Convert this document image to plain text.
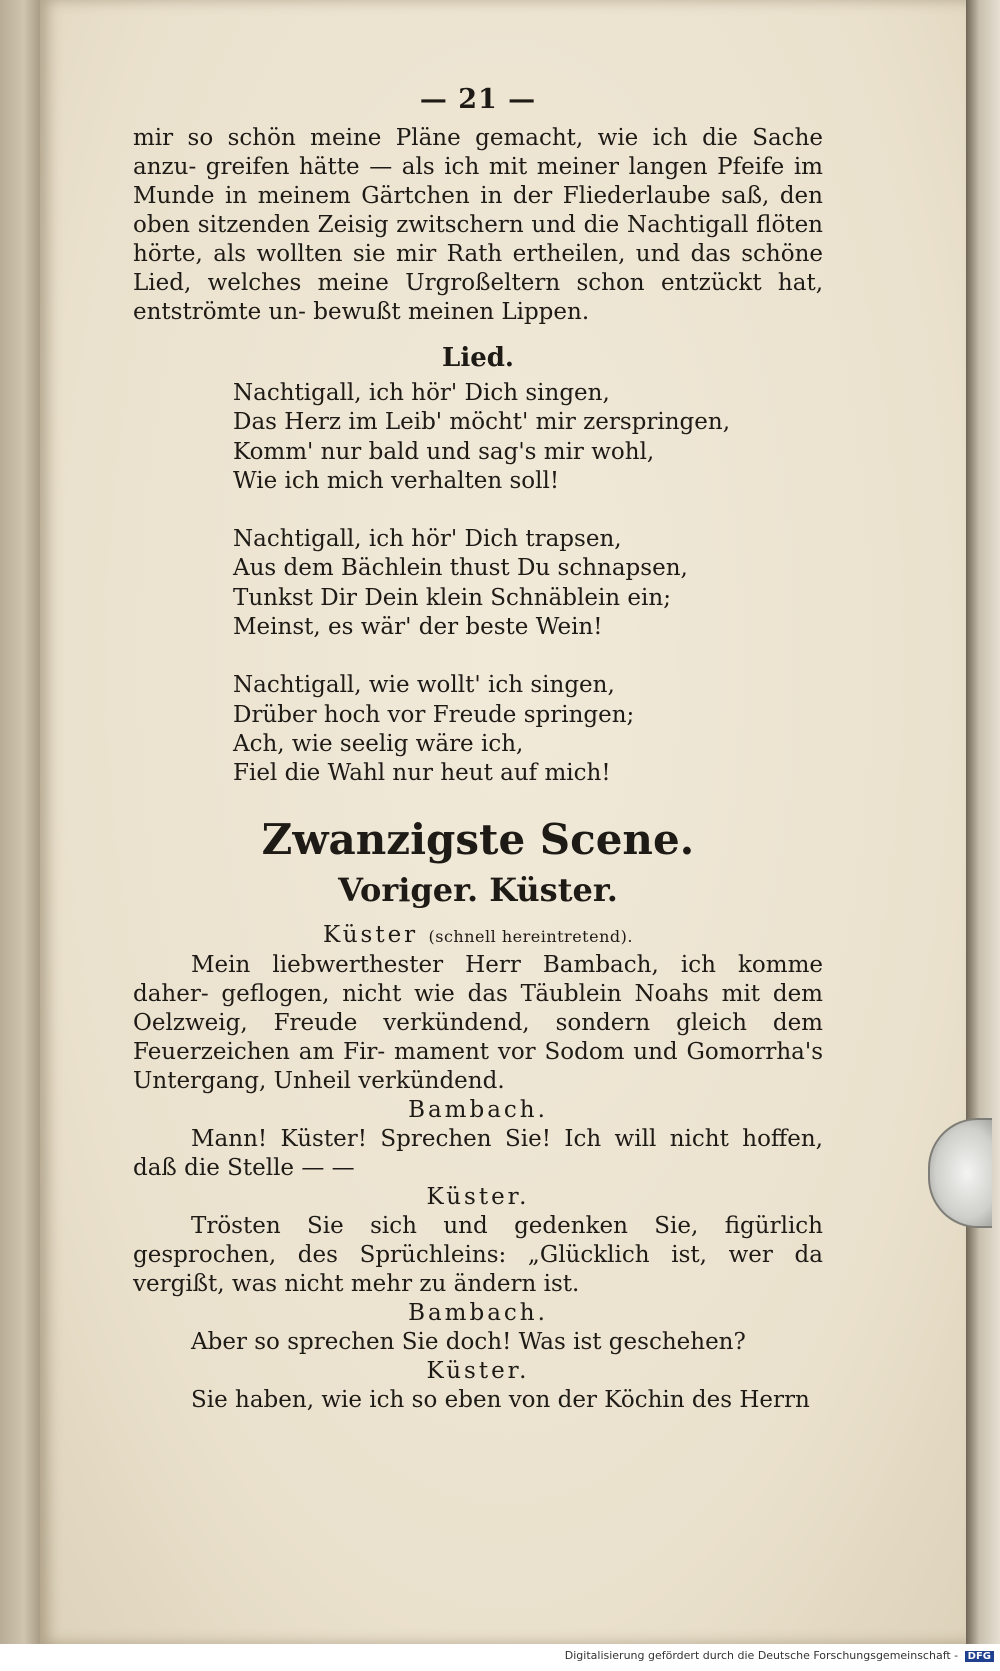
— 21 —
mir so schön meine Pläne gemacht, wie ich die Sache anzu- greifen hätte — als ich mit meiner langen Pfeife im Munde in meinem Gärtchen in der Fliederlaube saß, den oben sitzenden Zeisig zwitschern und die Nachtigall flöten hörte, als wollten sie mir Rath ertheilen, und das schöne Lied, welches meine Urgroßeltern schon entzückt hat, entströmte un- bewußt meinen Lippen.
Lied.
Nachtigall, ich hör' Dich singen,
Das Herz im Leib' möcht' mir zerspringen,
Komm' nur bald und sag's mir wohl,
Wie ich mich verhalten soll!
Nachtigall, ich hör' Dich trapsen,
Aus dem Bächlein thust Du schnapsen,
Tunkst Dir Dein klein Schnäblein ein;
Meinst, es wär' der beste Wein!
Nachtigall, wie wollt' ich singen,
Drüber hoch vor Freude springen;
Ach, wie seelig wäre ich,
Fiel die Wahl nur heut auf mich!
Zwanzigste Scene.
Voriger. Küster.
Küster (schnell hereintretend).
Mein liebwerthester Herr Bambach, ich komme daher- geflogen, nicht wie das Täublein Noahs mit dem Oelzweig, Freude verkündend, sondern gleich dem Feuerzeichen am Fir- mament vor Sodom und Gomorrha's Untergang, Unheil verkündend.
Bambach.
Mann! Küster! Sprechen Sie! Ich will nicht hoffen, daß die Stelle — —
Küster.
Trösten Sie sich und gedenken Sie, figürlich gesprochen, des Sprüchleins: „Glücklich ist, wer da vergißt, was nicht mehr zu ändern ist.
Bambach.
Aber so sprechen Sie doch! Was ist geschehen?
Küster.
Sie haben, wie ich so eben von der Köchin des Herrn
Digitalisierung gefördert durch die Deutsche Forschungsgemeinschaft - DFG
